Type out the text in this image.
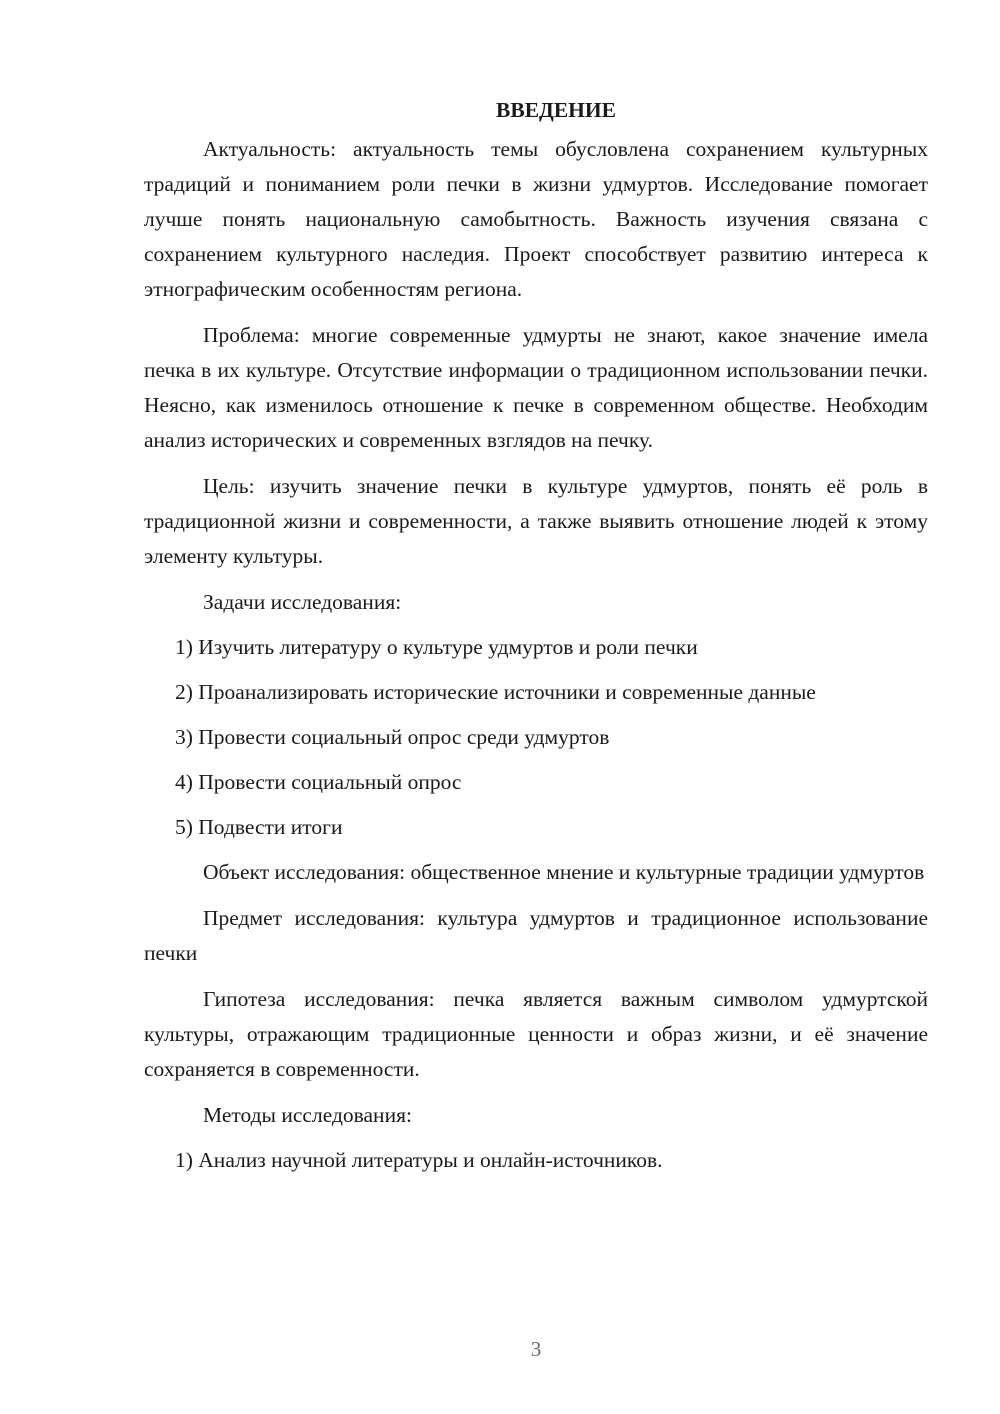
ВВЕДЕНИЕ

Актуальность: актуальность темы обусловлена сохранением культурных традиций и пониманием роли печки в жизни удмуртов. Исследование помогает лучше понять национальную самобытность. Важность изучения связана с сохранением культурного наследия. Проект способствует развитию интереса к этнографическим особенностям региона.

Проблема: многие современные удмурты не знают, какое значение имела печка в их культуре. Отсутствие информации о традиционном использовании печки. Неясно, как изменилось отношение к печке в современном обществе. Необходим анализ исторических и современных взглядов на печку.

Цель: изучить значение печки в культуре удмуртов, понять её роль в традиционной жизни и современности, а также выявить отношение людей к этому элементу культуры.

Задачи исследования:

1) Изучить литературу о культуре удмуртов и роли печки
2) Проанализировать исторические источники и современные данные
3) Провести социальный опрос среди удмуртов
4) Провести социальный опрос
5) Подвести итоги

Объект исследования: общественное мнение и культурные традиции удмуртов

Предмет исследования: культура удмуртов и традиционное использование печки

Гипотеза исследования: печка является важным символом удмуртской культуры, отражающим традиционные ценности и образ жизни, и её значение сохраняется в современности.

Методы исследования:

1) Анализ научной литературы и онлайн-источников.
3
